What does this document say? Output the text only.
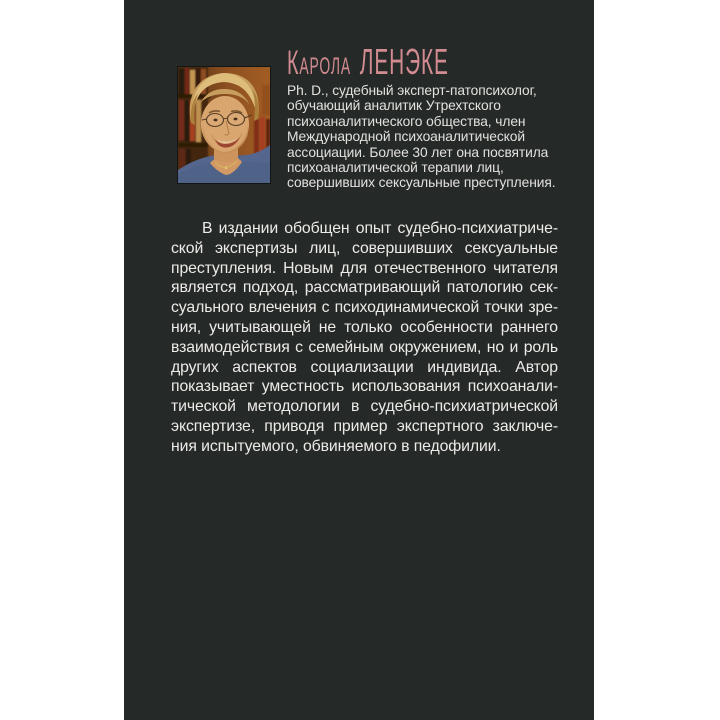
Карола ЛЕНЭКЕ
Ph. D., судебный эксперт-патопсихолог,
обучающий аналитик Утрехтского
психоаналитического общества, член
Международной психоаналитической
ассоциации. Более 30 лет она посвятила
психоаналитической терапии лиц,
совершивших сексуальные преступления.
В издании обобщен опыт судебно-психиатриче-
ской экспертизы лиц, совершивших сексуальные
преступления. Новым для отечественного читателя
является подход, рассматривающий патологию сек-
суального влечения с психодинамической точки зре-
ния, учитывающей не только особенности раннего
взаимодействия с семейным окружением, но и роль
других аспектов социализации индивида. Автор
показывает уместность использования психоанали-
тической методологии в судебно-психиатрической
экспертизе, приводя пример экспертного заключе-
ния испытуемого, обвиняемого в педофилии.
